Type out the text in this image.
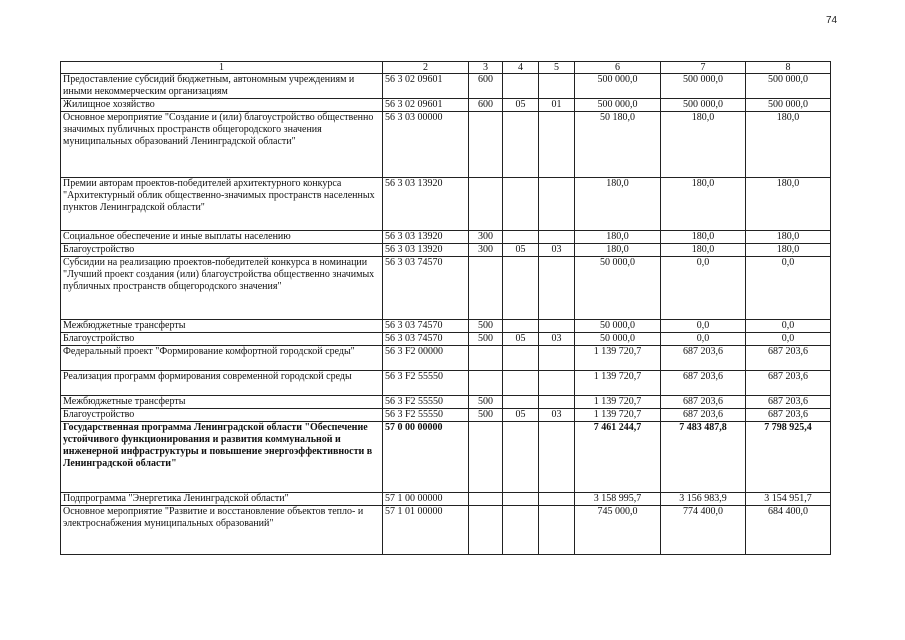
74
1	2	3	4	5	6	7	8
Предоставление субсидий бюджетным, автономным учреждениям и иными некоммерческим организациям	56 3 02 09601	600			500 000,0	500 000,0	500 000,0
Жилищное хозяйство	56 3 02 09601	600	05	01	500 000,0	500 000,0	500 000,0
Основное мероприятие "Создание и (или) благоустройство общественно значимых публичных пространств общегородского значения муниципальных образований Ленинградской области"	56 3 03 00000				50 180,0	180,0	180,0
Премии авторам проектов-победителей архитектурного конкурса "Архитектурный облик общественно-значимых пространств населенных пунктов Ленинградской области"	56 3 03 13920				180,0	180,0	180,0
Социальное обеспечение и иные выплаты населению	56 3 03 13920	300			180,0	180,0	180,0
Благоустройство	56 3 03 13920	300	05	03	180,0	180,0	180,0
Субсидии на реализацию проектов-победителей конкурса в номинации "Лучший проект создания (или) благоустройства общественно значимых публичных пространств общегородского значения"	56 3 03 74570				50 000,0	0,0	0,0
Межбюджетные трансферты	56 3 03 74570	500			50 000,0	0,0	0,0
Благоустройство	56 3 03 74570	500	05	03	50 000,0	0,0	0,0
Федеральный проект "Формирование комфортной городской среды"	56 3 F2 00000				1 139 720,7	687 203,6	687 203,6
Реализация программ формирования современной городской среды	56 3 F2 55550				1 139 720,7	687 203,6	687 203,6
Межбюджетные трансферты	56 3 F2 55550	500			1 139 720,7	687 203,6	687 203,6
Благоустройство	56 3 F2 55550	500	05	03	1 139 720,7	687 203,6	687 203,6
Государственная программа Ленинградской области "Обеспечение устойчивого функционирования и развития коммунальной и инженерной инфраструктуры и повышение энергоэффективности в Ленинградской области"	57 0 00 00000				7 461 244,7	7 483 487,8	7 798 925,4
Подпрограмма "Энергетика Ленинградской области"	57 1 00 00000				3 158 995,7	3 156 983,9	3 154 951,7
Основное мероприятие "Развитие и восстановление объектов тепло- и электроснабжения муниципальных образований"	57 1 01 00000				745 000,0	774 400,0	684 400,0
